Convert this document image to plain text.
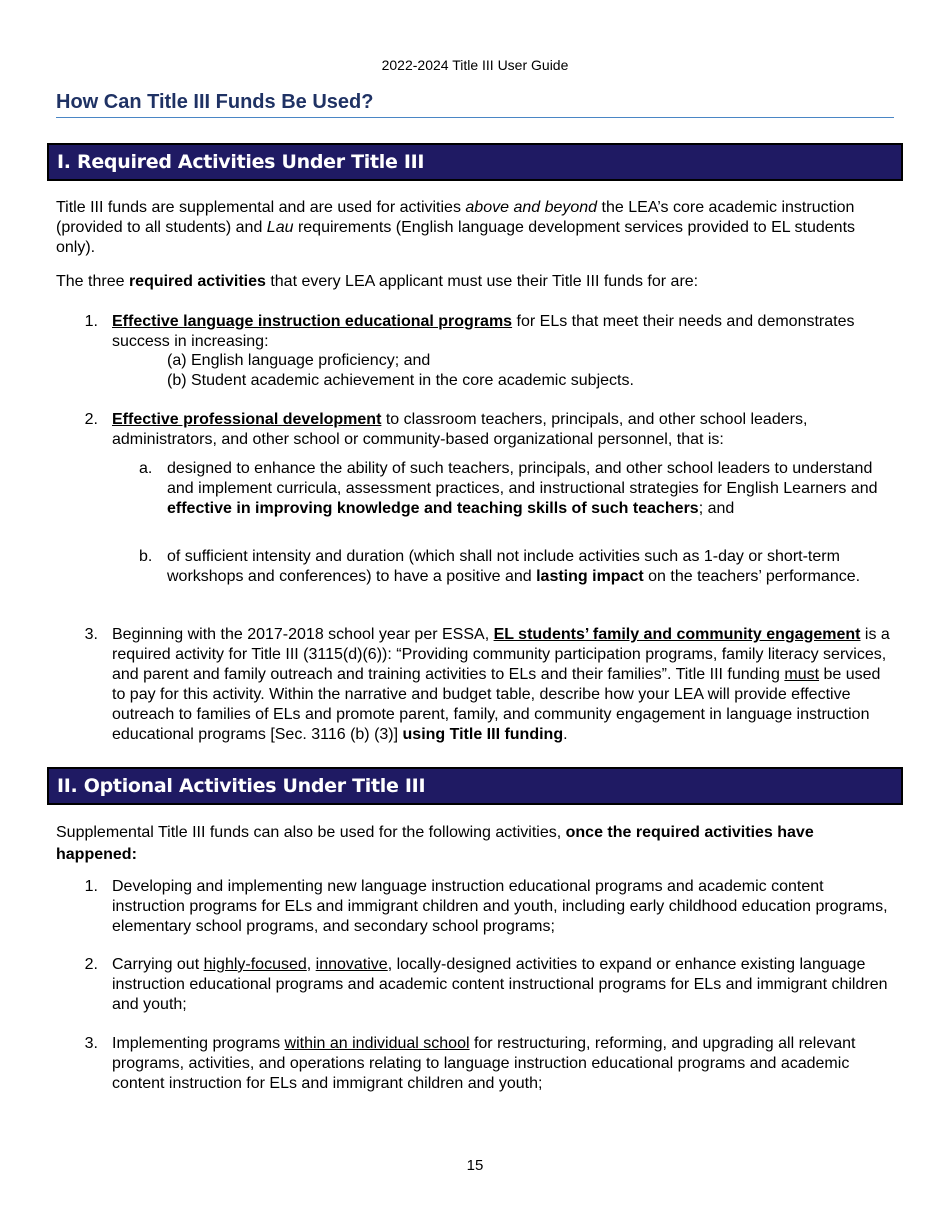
2022-2024 Title III User Guide
How Can Title III Funds Be Used?
I. Required Activities Under Title III
Title III funds are supplemental and are used for activities above and beyond the LEA’s core academic instruction (provided to all students) and Lau requirements (English language development services provided to EL students only).
The three required activities that every LEA applicant must use their Title III funds for are:
1. Effective language instruction educational programs for ELs that meet their needs and demonstrates success in increasing:
(a) English language proficiency; and
(b) Student academic achievement in the core academic subjects.
2. Effective professional development to classroom teachers, principals, and other school leaders, administrators, and other school or community-based organizational personnel, that is:
a. designed to enhance the ability of such teachers, principals, and other school leaders to understand and implement curricula, assessment practices, and instructional strategies for English Learners and effective in improving knowledge and teaching skills of such teachers; and
b. of sufficient intensity and duration (which shall not include activities such as 1-day or short-term workshops and conferences) to have a positive and lasting impact on the teachers’ performance.
3. Beginning with the 2017-2018 school year per ESSA, EL students’ family and community engagement is a required activity for Title III (3115(d)(6)): “Providing community participation programs, family literacy services, and parent and family outreach and training activities to ELs and their families”. Title III funding must be used to pay for this activity. Within the narrative and budget table, describe how your LEA will provide effective outreach to families of ELs and promote parent, family, and community engagement in language instruction educational programs [Sec. 3116 (b) (3)] using Title III funding.
II. Optional Activities Under Title III
Supplemental Title III funds can also be used for the following activities, once the required activities have happened:
1. Developing and implementing new language instruction educational programs and academic content instruction programs for ELs and immigrant children and youth, including early childhood education programs, elementary school programs, and secondary school programs;
2. Carrying out highly-focused, innovative, locally-designed activities to expand or enhance existing language instruction educational programs and academic content instructional programs for ELs and immigrant children and youth;
3. Implementing programs within an individual school for restructuring, reforming, and upgrading all relevant programs, activities, and operations relating to language instruction educational programs and academic content instruction for ELs and immigrant children and youth;
15
